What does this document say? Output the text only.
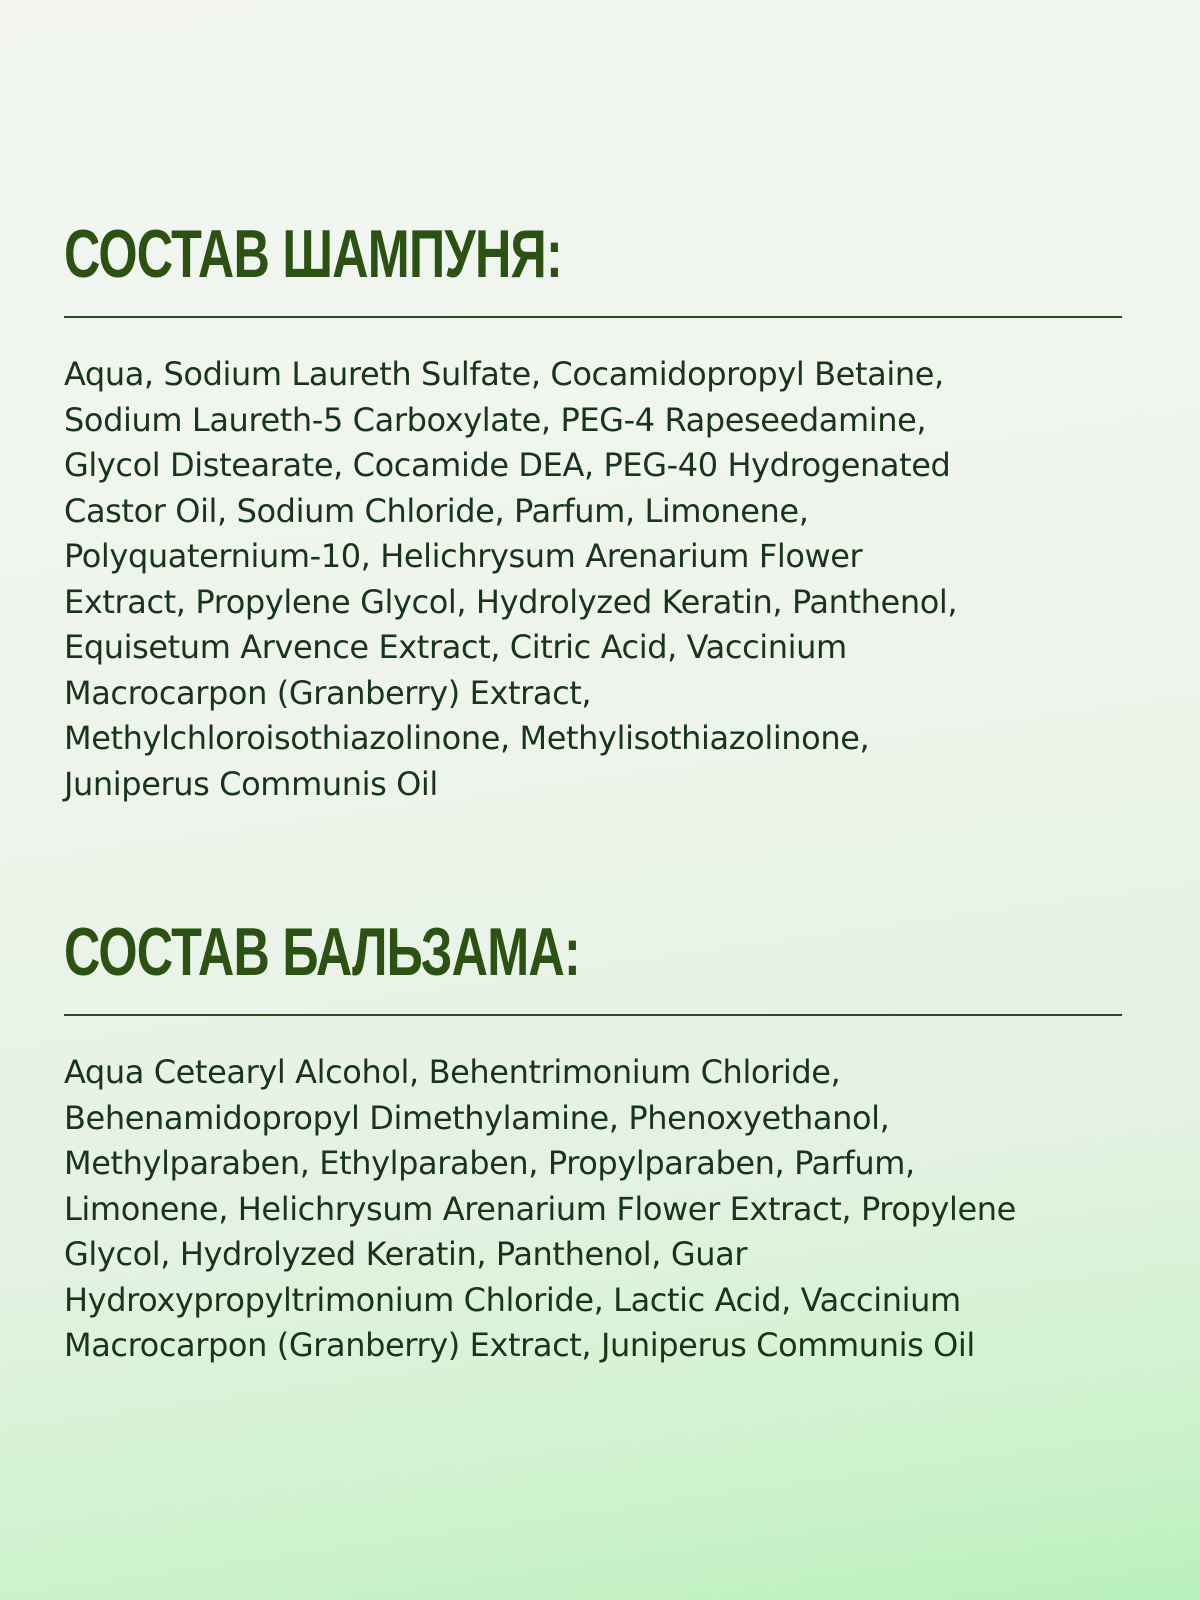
СОСТАВ ШАМПУНЯ:

Aqua, Sodium Laureth Sulfate, Cocamidopropyl Betaine,
Sodium Laureth-5 Carboxylate, PEG-4 Rapeseedamine,
Glycol Distearate, Cocamide DEA, PEG-40 Hydrogenated
Castor Oil, Sodium Chloride, Parfum, Limonene,
Polyquaternium-10, Helichrysum Arenarium Flower
Extract, Propylene Glycol, Hydrolyzed Keratin, Panthenol,
Equisetum Arvence Extract, Citric Acid, Vaccinium
Macrocarpon (Granberry) Extract,
Methylchloroisothiazolinone, Methylisothiazolinone,
Juniperus Communis Oil

СОСТАВ БАЛЬЗАМА:

Aqua Cetearyl Alcohol, Behentrimonium Chloride,
Behenamidopropyl Dimethylamine, Phenoxyethanol,
Methylparaben, Ethylparaben, Propylparaben, Parfum,
Limonene, Helichrysum Arenarium Flower Extract, Propylene
Glycol, Hydrolyzed Keratin, Panthenol, Guar
Hydroxypropyltrimonium Chloride, Lactic Acid, Vaccinium
Macrocarpon (Granberry) Extract, Juniperus Communis Oil
